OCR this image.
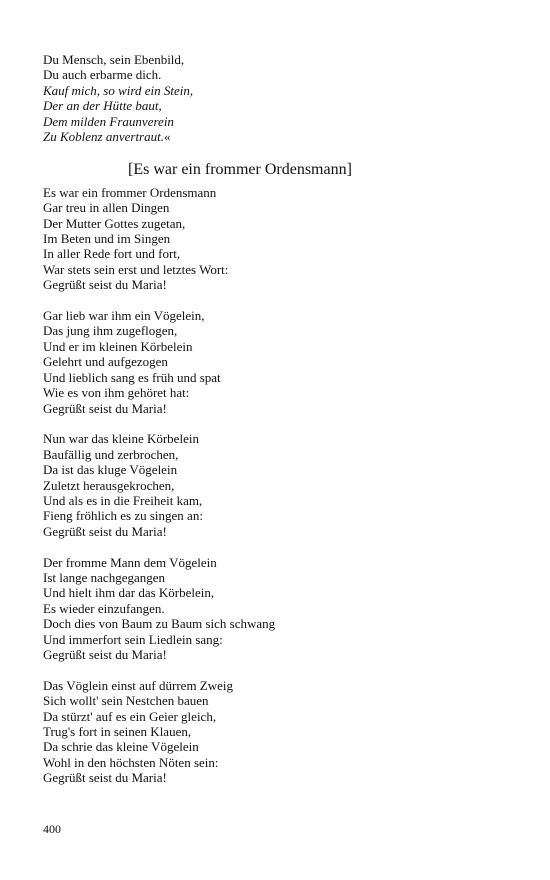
Du Mensch, sein Ebenbild,
Du auch erbarme dich.
Kauf mich, so wird ein Stein,
Der an der Hütte baut,
Dem milden Fraunverein
Zu Koblenz anvertraut.«
[Es war ein frommer Ordensmann]
Es war ein frommer Ordensmann
Gar treu in allen Dingen
Der Mutter Gottes zugetan,
Im Beten und im Singen
In aller Rede fort und fort,
War stets sein erst und letztes Wort:
Gegrüßt seist du Maria!
Gar lieb war ihm ein Vögelein,
Das jung ihm zugeflogen,
Und er im kleinen Körbelein
Gelehrt und aufgezogen
Und lieblich sang es früh und spat
Wie es von ihm gehöret hat:
Gegrüßt seist du Maria!
Nun war das kleine Körbelein
Baufällig und zerbrochen,
Da ist das kluge Vögelein
Zuletzt herausgekrochen,
Und als es in die Freiheit kam,
Fieng fröhlich es zu singen an:
Gegrüßt seist du Maria!
Der fromme Mann dem Vögelein
Ist lange nachgegangen
Und hielt ihm dar das Körbelein,
Es wieder einzufangen.
Doch dies von Baum zu Baum sich schwang
Und immerfort sein Liedlein sang:
Gegrüßt seist du Maria!
Das Vöglein einst auf dürrem Zweig
Sich wollt' sein Nestchen bauen
Da stürzt' auf es ein Geier gleich,
Trug's fort in seinen Klauen,
Da schrie das kleine Vögelein
Wohl in den höchsten Nöten sein:
Gegrüßt seist du Maria!
400
